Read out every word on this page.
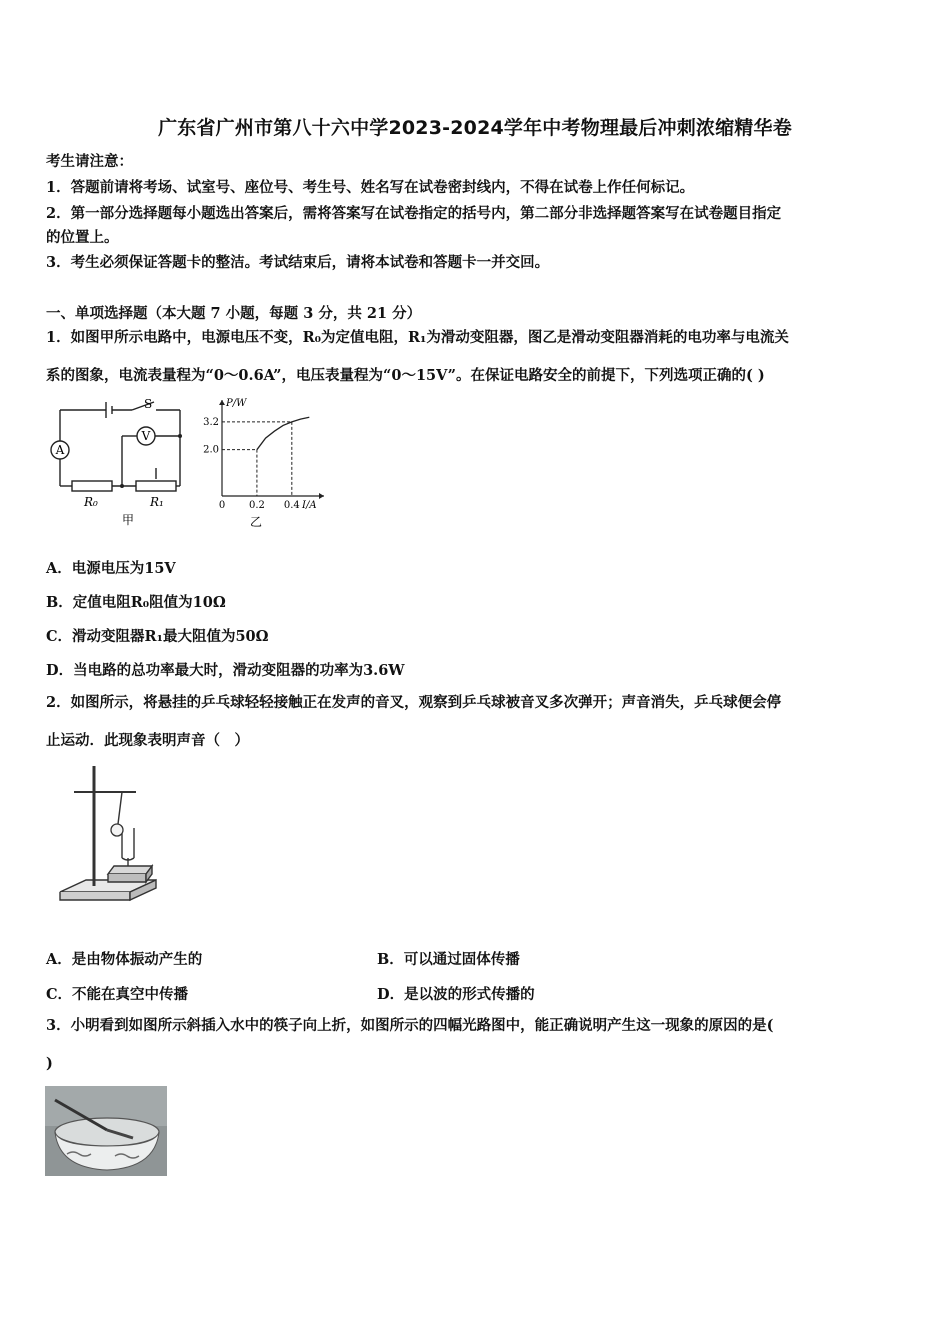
广东省广州市第八十六中学2023-2024学年中考物理最后冲刺浓缩精华卷
考生请注意：
1．答题前请将考场、试室号、座位号、考生号、姓名写在试卷密封线内，不得在试卷上作任何标记。
2．第一部分选择题每小题选出答案后，需将答案写在试卷指定的括号内，第二部分非选择题答案写在试卷题目指定
的位置上。
3．考生必须保证答题卡的整洁。考试结束后，请将本试卷和答题卡一并交回。
一、单项选择题（本大题 7 小题，每题 3 分，共 21 分）
1．如图甲所示电路中，电源电压不变，R₀为定值电阻，R₁为滑动变阻器，图乙是滑动变阻器消耗的电功率与电流关
系的图象，电流表量程为“0～0.6A”，电压表量程为“0～15V”。在保证电路安全的前提下，下列选项正确的( )
A
V
S
R₀	R₁
甲
P/W
I/A
0 0.2 0.4
2.0
3.2
乙
A．电源电压为15V
B．定值电阻R₀阻值为10Ω
C．滑动变阻器R₁最大阻值为50Ω
D．当电路的总功率最大时，滑动变阻器的功率为3.6W
2．如图所示，将悬挂的乒乓球轻轻接触正在发声的音叉，观察到乒乓球被音叉多次弹开；声音消失，乒乓球便会停
止运动．此现象表明声音（　）
A．是由物体振动产生的	B．可以通过固体传播
C．不能在真空中传播	D．是以波的形式传播的
3．小明看到如图所示斜插入水中的筷子向上折，如图所示的四幅光路图中，能正确说明产生这一现象的原因的是(
)
